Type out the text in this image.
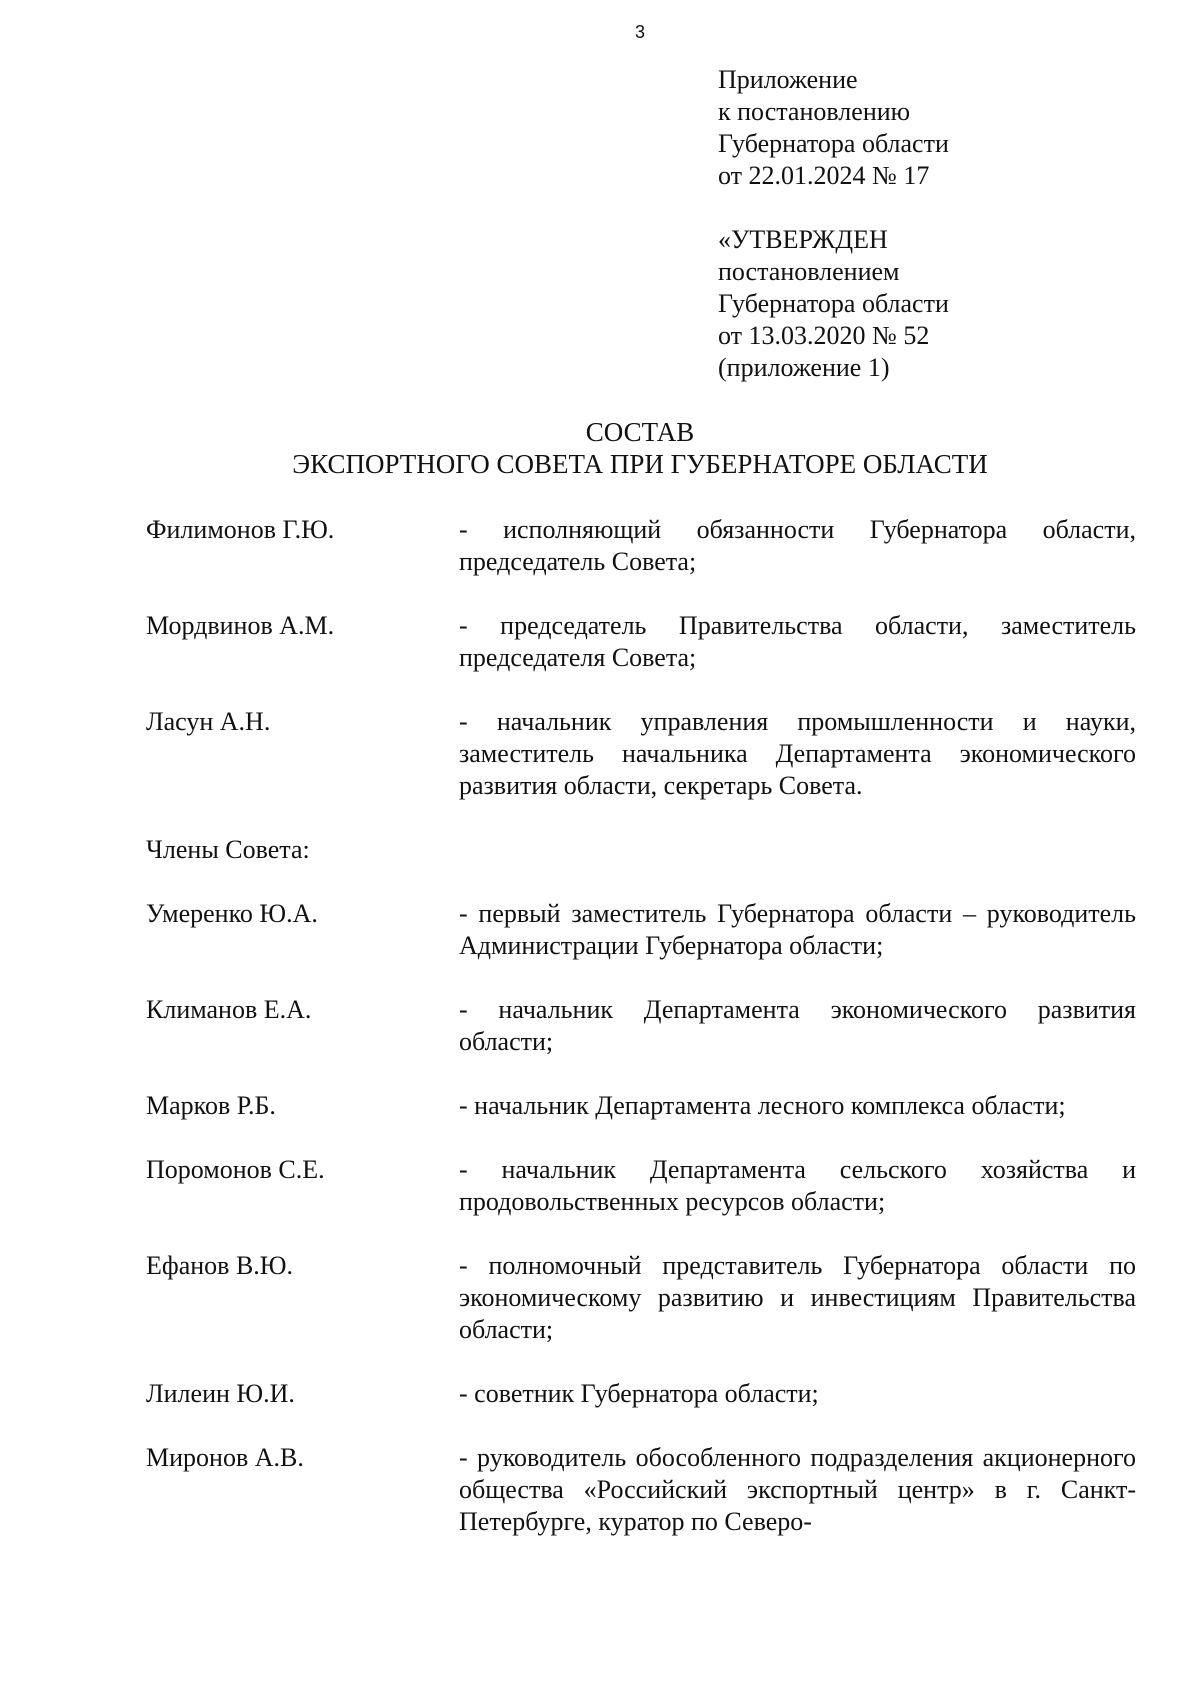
3
Приложение
к постановлению
Губернатора области
от 22.01.2024 № 17
«УТВЕРЖДЕН
постановлением
Губернатора области
от 13.03.2020 № 52
(приложение 1)
СОСТАВ
ЭКСПОРТНОГО СОВЕТА ПРИ ГУБЕРНАТОРЕ ОБЛАСТИ
Филимонов Г.Ю.	- исполняющий обязанности Губернатора области, председатель Совета;
Мордвинов А.М.	- председатель Правительства области, заместитель председателя Совета;
Ласун А.Н.	- начальник управления промышленности и науки, заместитель начальника Департамента экономического развития области, секретарь Совета.
Члены Совета:
Умеренко Ю.А.	- первый заместитель Губернатора области – руководитель Администрации Губернатора области;
Климанов Е.А.	- начальник Департамента экономического развития области;
Марков Р.Б.	- начальник Департамента лесного комплекса области;
Поромонов С.Е.	- начальник Департамента сельского хозяйства и продовольственных ресурсов области;
Ефанов В.Ю.	- полномочный представитель Губернатора области по экономическому развитию и инвестициям Правительства области;
Лилеин Ю.И.	- советник Губернатора области;
Миронов А.В.	- руководитель обособленного подразделения акционерного общества «Российский экспортный центр» в г. Санкт-Петербурге, куратор по Северо-
